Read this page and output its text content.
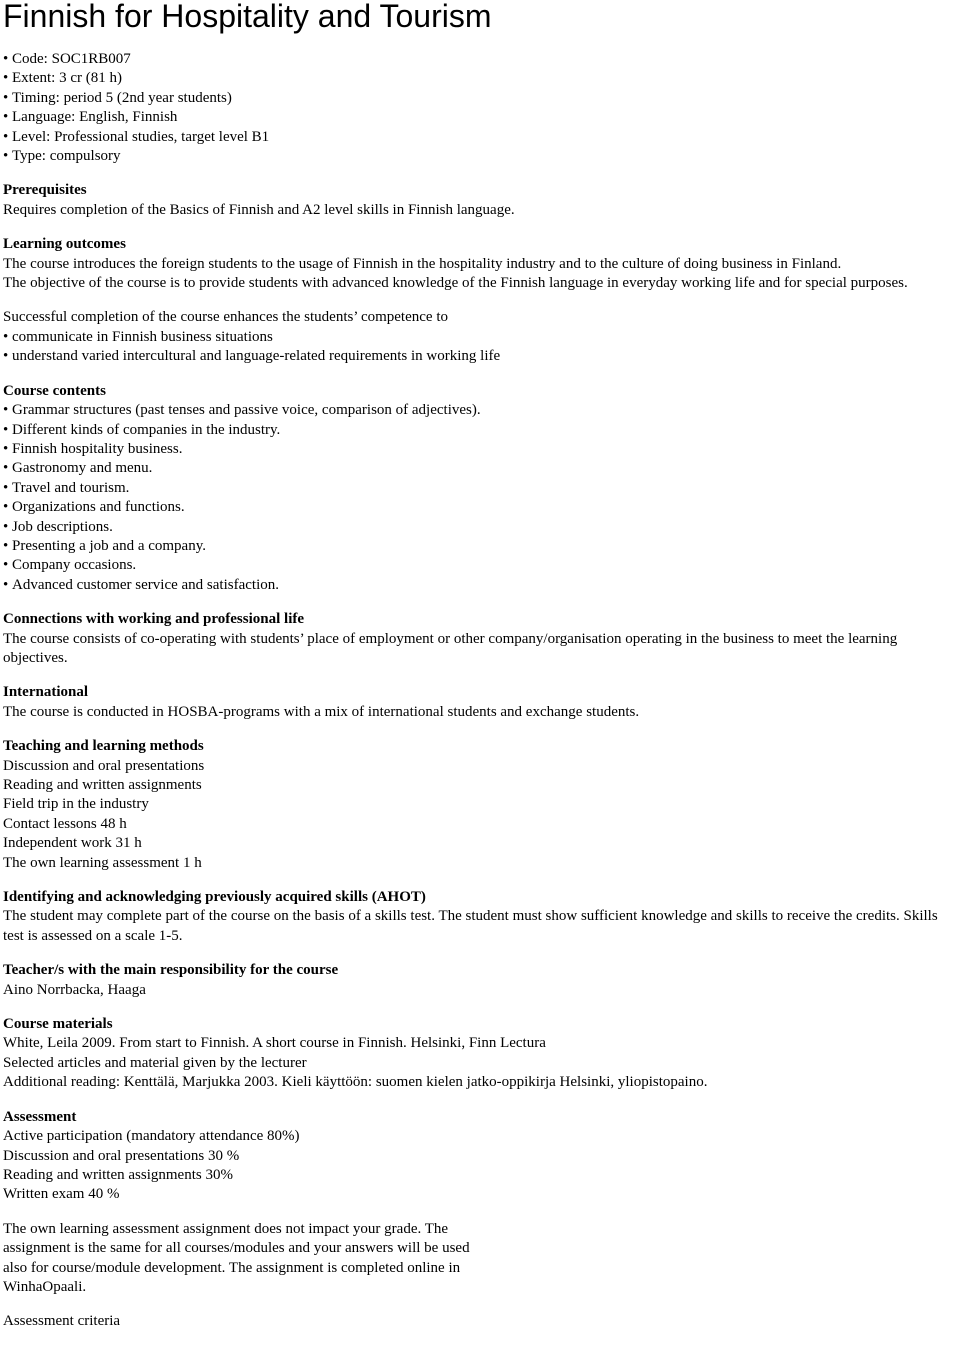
Finnish for Hospitality and Tourism
• Code: SOC1RB007
• Extent: 3 cr (81 h)
• Timing: period 5 (2nd year students)
• Language: English, Finnish
• Level: Professional studies, target level B1
• Type: compulsory
Prerequisites
Requires completion of the Basics of Finnish and A2 level skills in Finnish language.
Learning outcomes
The course introduces the foreign students to the usage of Finnish in the hospitality industry and to the culture of doing business in Finland.
The objective of the course is to provide students with advanced knowledge of the Finnish language in everyday working life and for special purposes.
Successful completion of the course enhances the students’ competence to
• communicate in Finnish business situations
• understand varied intercultural and language-related requirements in working life
Course contents
• Grammar structures (past tenses and passive voice, comparison of adjectives).
• Different kinds of companies in the industry.
• Finnish hospitality business.
• Gastronomy and menu.
• Travel and tourism.
• Organizations and functions.
• Job descriptions.
• Presenting a job and a company.
• Company occasions.
• Advanced customer service and satisfaction.
Connections with working and professional life
The course consists of co-operating with students’ place of employment or other company/organisation operating in the business to meet the learning objectives.
International
The course is conducted in HOSBA-programs with a mix of international students and exchange students.
Teaching and learning methods
Discussion and oral presentations
Reading and written assignments
Field trip in the industry
Contact lessons 48 h
Independent work 31 h
The own learning assessment 1 h
Identifying and acknowledging previously acquired skills (AHOT)
The student may complete part of the course on the basis of a skills test. The student must show sufficient knowledge and skills to receive the credits. Skills test is assessed on a scale 1-5.
Teacher/s with the main responsibility for the course
Aino Norrbacka, Haaga
Course materials
White, Leila 2009. From start to Finnish. A short course in Finnish. Helsinki, Finn Lectura
Selected articles and material given by the lecturer
Additional reading: Kenttälä, Marjukka 2003. Kieli käyttöön: suomen kielen jatko-oppikirja Helsinki, yliopistopaino.
Assessment
Active participation (mandatory attendance 80%)
Discussion and oral presentations 30 %
Reading and written assignments 30%
Written exam 40 %
The own learning assessment assignment does not impact your grade. The
assignment is the same for all courses/modules and your answers will be used
also for course/module development. The assignment is completed online in
WinhaOpaali.
Assessment criteria
